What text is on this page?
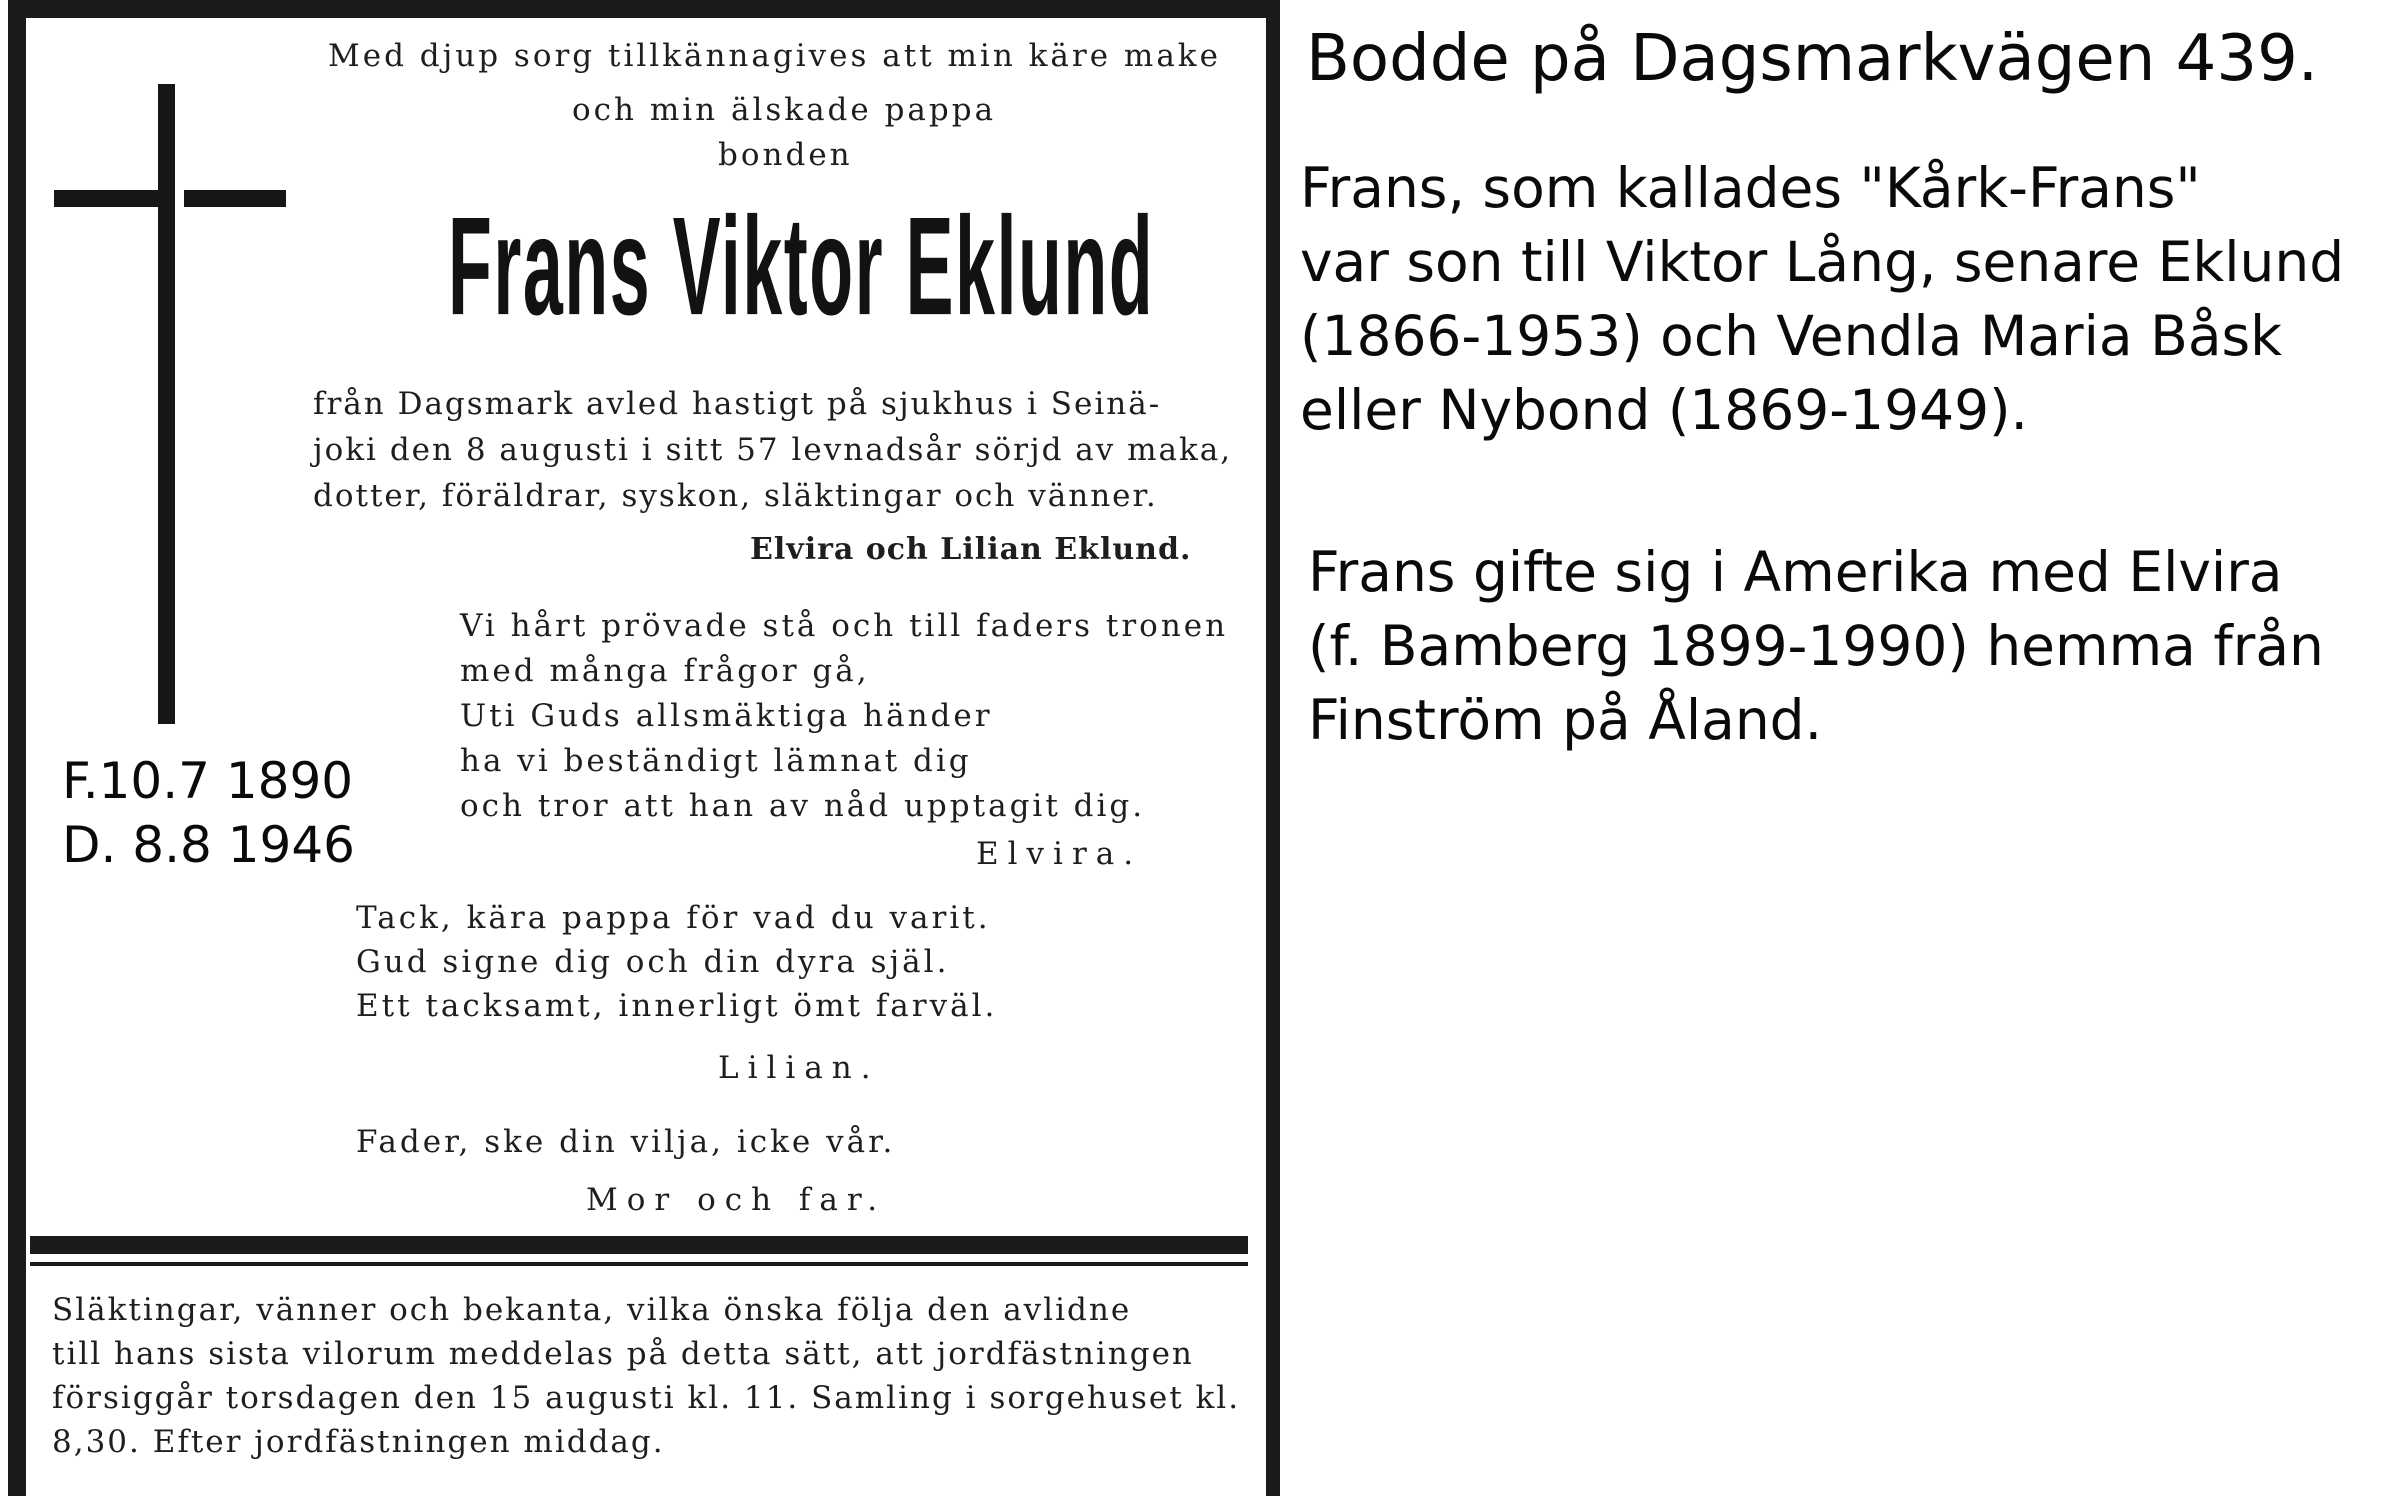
Med djup sorg tillkännagives att min käre make
och min älskade pappa
bonden
Frans Viktor Eklund
från Dagsmark avled hastigt på sjukhus i Seinä-
joki den 8 augusti i sitt 57 levnadsår sörjd av maka,
dotter, föräldrar, syskon, släktingar och vänner.
Elvira och Lilian Eklund.
Vi hårt prövade stå och till faders tronen
med många frågor gå,
Uti Guds allsmäktiga händer
ha vi beständigt lämnat dig
och tror att han av nåd upptagit dig.
Elvira.
Tack, kära pappa för vad du varit.
Gud signe dig och din dyra själ.
Ett tacksamt, innerligt ömt farväl.
Lilian.
Fader, ske din vilja, icke vår.
Mor och far.
Släktingar, vänner och bekanta, vilka önska följa den avlidne
till hans sista vilorum meddelas på detta sätt, att jordfästningen
försiggår torsdagen den 15 augusti kl. 11. Samling i sorgehuset kl.
8,30. Efter jordfästningen middag.
F.10.7 1890
D. 8.8 1946
Bodde på Dagsmarkvägen 439.
Frans, som kallades "Kårk-Frans"
var son till Viktor Lång, senare Eklund
(1866-1953) och Vendla Maria Båsk
eller Nybond (1869-1949).
Frans gifte sig i Amerika med Elvira
(f. Bamberg 1899-1990) hemma från
Finström på Åland.
